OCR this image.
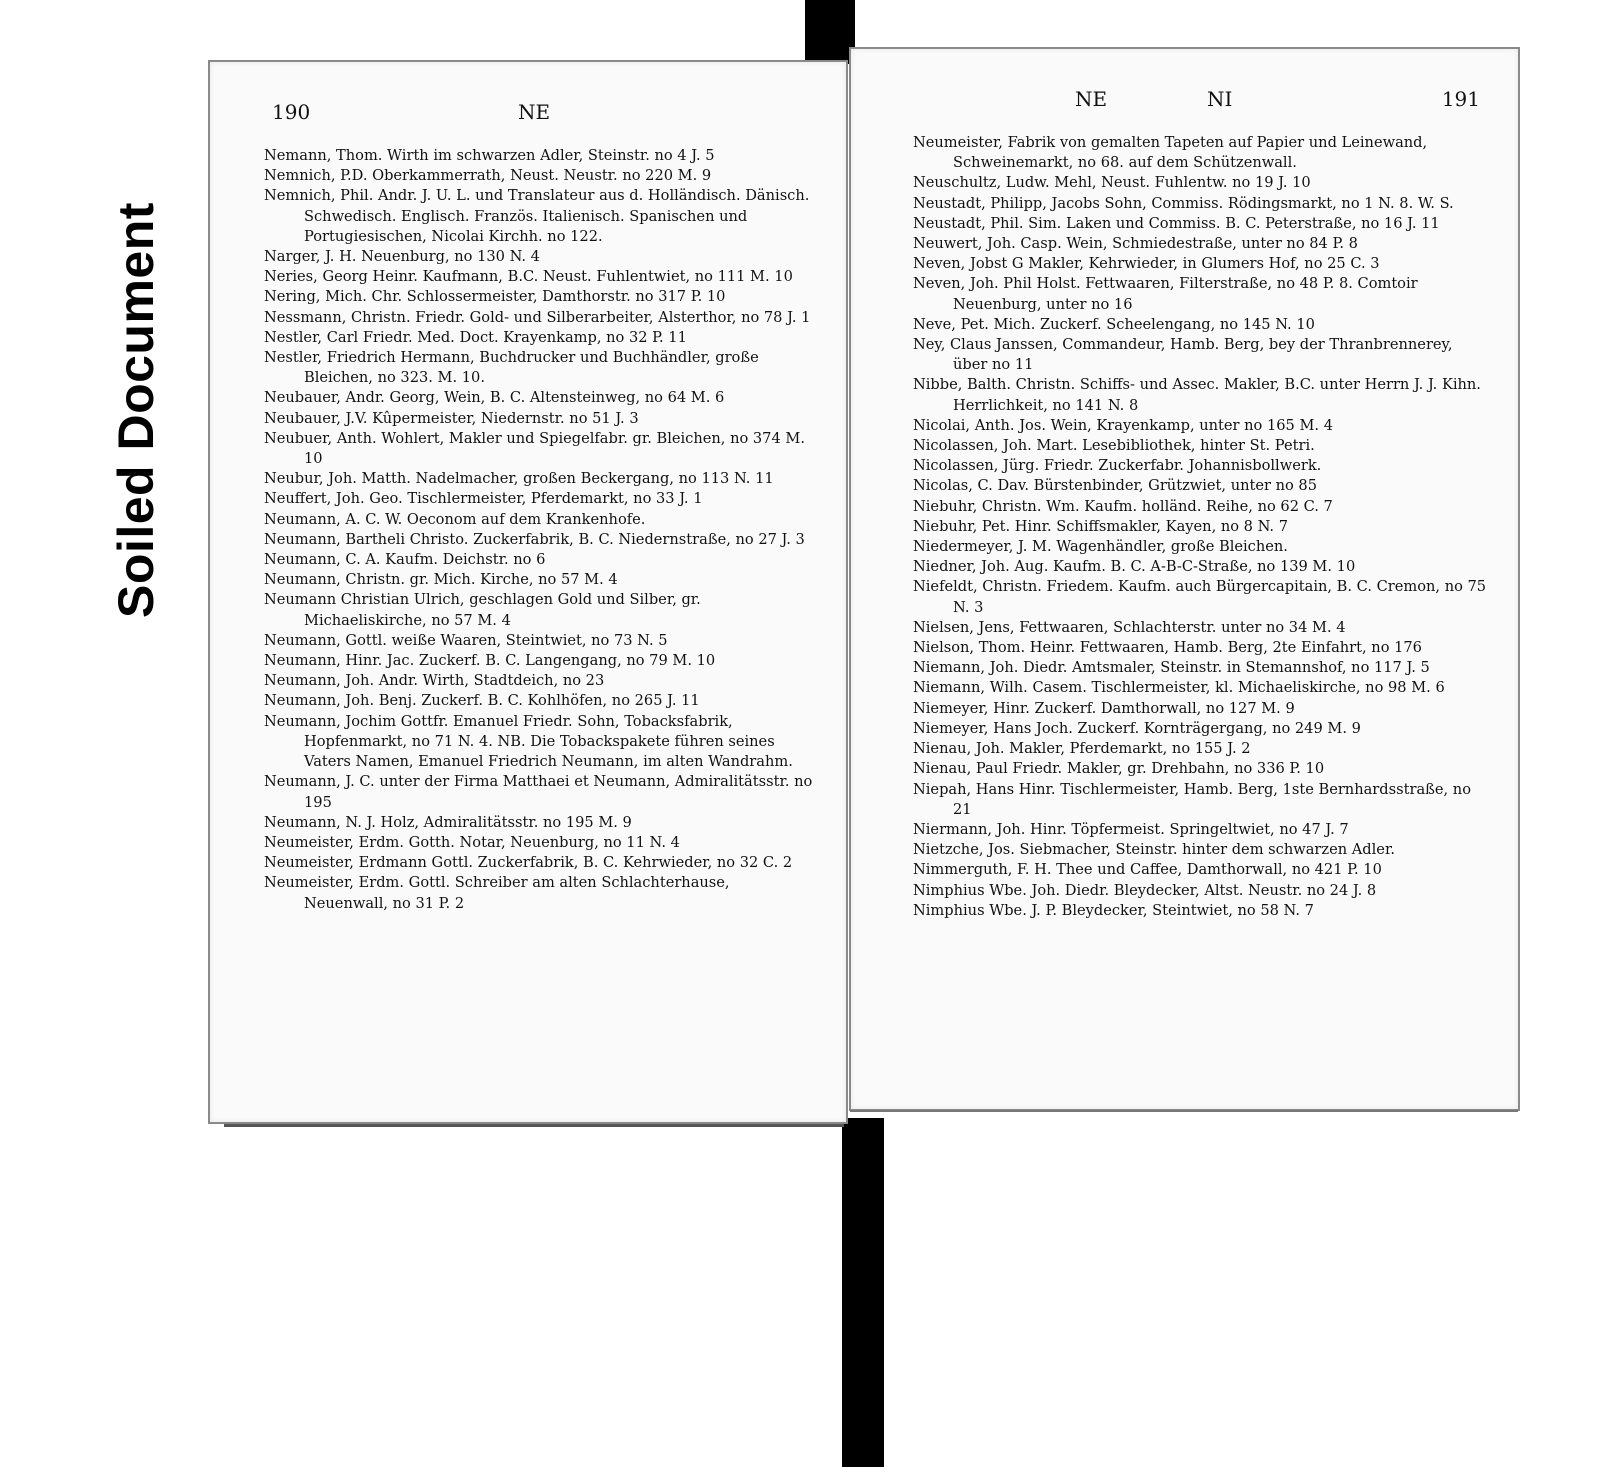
Soiled Document
190	NE
Nemann, Thom. Wirth im schwarzen Adler, Steinstr. no 4 J. 5
Nemnich, P.D. Oberkammerrath, Neust. Neustr. no 220 M. 9
Nemnich, Phil. Andr. J. U. L. und Translateur aus d. Holländisch. Dänisch. Schwedisch. Englisch. Französ. Italienisch. Spanischen und Portugiesischen, Nicolai Kirchh. no 122.
Narger, J. H. Neuenburg, no 130 N. 4
Neries, Georg Heinr. Kaufmann, B.C. Neust. Fuhlentwiet, no 111 M. 10
Nering, Mich. Chr. Schlossermeister, Damthorstr. no 317 P. 10
Nessmann, Christn. Friedr. Gold- und Silberarbeiter, Alsterthor, no 78 J. 1
Nestler, Carl Friedr. Med. Doct. Krayenkamp, no 32 P. 11
Nestler, Friedrich Hermann, Buchdrucker und Buchhändler, große Bleichen, no 323. M. 10.
Neubauer, Andr. Georg, Wein, B. C. Altensteinweg, no 64 M. 6
Neubauer, J.V. Kûpermeister, Niedernstr. no 51 J. 3
Neubuer, Anth. Wohlert, Makler und Spiegelfabr. gr. Bleichen, no 374 M. 10
Neubur, Joh. Matth. Nadelmacher, großen Beckergang, no 113 N. 11
Neuffert, Joh. Geo. Tischlermeister, Pferdemarkt, no 33 J. 1
Neumann, A. C. W. Oeconom auf dem Krankenhofe.
Neumann, Bartheli Christo. Zuckerfabrik, B. C. Niedernstraße, no 27 J. 3
Neumann, C. A. Kaufm. Deichstr. no 6
Neumann, Christn. gr. Mich. Kirche, no 57 M. 4
Neumann Christian Ulrich, geschlagen Gold und Silber, gr. Michaeliskirche, no 57 M. 4
Neumann, Gottl. weiße Waaren, Steintwiet, no 73 N. 5
Neumann, Hinr. Jac. Zuckerf. B. C. Langengang, no 79 M. 10
Neumann, Joh. Andr. Wirth, Stadtdeich, no 23
Neumann, Joh. Benj. Zuckerf. B. C. Kohlhöfen, no 265 J. 11
Neumann, Jochim Gottfr. Emanuel Friedr. Sohn, Tobacksfabrik, Hopfenmarkt, no 71 N. 4. NB. Die Tobackspakete führen seines Vaters Namen, Emanuel Friedrich Neumann, im alten Wandrahm.
Neumann, J. C. unter der Firma Matthaei et Neumann, Admiralitätsstr. no 195
Neumann, N. J. Holz, Admiralitätsstr. no 195 M. 9
Neumeister, Erdm. Gotth. Notar, Neuenburg, no 11 N. 4
Neumeister, Erdmann Gottl. Zuckerfabrik, B. C. Kehrwieder, no 32 C. 2
Neumeister, Erdm. Gottl. Schreiber am alten Schlachterhause, Neuenwall, no 31 P. 2
NE	NI	191
Neumeister, Fabrik von gemalten Tapeten auf Papier und Leinewand, Schweinemarkt, no 68. auf dem Schützenwall.
Neuschultz, Ludw. Mehl, Neust. Fuhlentw. no 19 J. 10
Neustadt, Philipp, Jacobs Sohn, Commiss. Rödingsmarkt, no 1 N. 8. W. S.
Neustadt, Phil. Sim. Laken und Commiss. B. C. Peterstraße, no 16 J. 11
Neuwert, Joh. Casp. Wein, Schmiedestraße, unter no 84 P. 8
Neven, Jobst G Makler, Kehrwieder, in Glumers Hof, no 25 C. 3
Neven, Joh. Phil Holst. Fettwaaren, Filterstraße, no 48 P. 8. Comtoir Neuenburg, unter no 16
Neve, Pet. Mich. Zuckerf. Scheelengang, no 145 N. 10
Ney, Claus Janssen, Commandeur, Hamb. Berg, bey der Thranbrennerey, über no 11
Nibbe, Balth. Christn. Schiffs- und Assec. Makler, B.C. unter Herrn J. J. Kihn. Herrlichkeit, no 141 N. 8
Nicolai, Anth. Jos. Wein, Krayenkamp, unter no 165 M. 4
Nicolassen, Joh. Mart. Lesebibliothek, hinter St. Petri.
Nicolassen, Jürg. Friedr. Zuckerfabr. Johannisbollwerk.
Nicolas, C. Dav. Bürstenbinder, Grützwiet, unter no 85
Niebuhr, Christn. Wm. Kaufm. holländ. Reihe, no 62 C. 7
Niebuhr, Pet. Hinr. Schiffsmakler, Kayen, no 8 N. 7
Niedermeyer, J. M. Wagenhändler, große Bleichen.
Niedner, Joh. Aug. Kaufm. B. C. A-B-C-Straße, no 139 M. 10
Niefeldt, Christn. Friedem. Kaufm. auch Bürgercapitain, B. C. Cremon, no 75 N. 3
Nielsen, Jens, Fettwaaren, Schlachterstr. unter no 34 M. 4
Nielson, Thom. Heinr. Fettwaaren, Hamb. Berg, 2te Einfahrt, no 176
Niemann, Joh. Diedr. Amtsmaler, Steinstr. in Stemannshof, no 117 J. 5
Niemann, Wilh. Casem. Tischlermeister, kl. Michaeliskirche, no 98 M. 6
Niemeyer, Hinr. Zuckerf. Damthorwall, no 127 M. 9
Niemeyer, Hans Joch. Zuckerf. Kornträgergang, no 249 M. 9
Nienau, Joh. Makler, Pferdemarkt, no 155 J. 2
Nienau, Paul Friedr. Makler, gr. Drehbahn, no 336 P. 10
Niepah, Hans Hinr. Tischlermeister, Hamb. Berg, 1ste Bernhardsstraße, no 21
Niermann, Joh. Hinr. Töpfermeist. Springeltwiet, no 47 J. 7
Nietzche, Jos. Siebmacher, Steinstr. hinter dem schwarzen Adler.
Nimmerguth, F. H. Thee und Caffee, Damthorwall, no 421 P. 10
Nimphius Wbe. Joh. Diedr. Bleydecker, Altst. Neustr. no 24 J. 8
Nimphius Wbe. J. P. Bleydecker, Steintwiet, no 58 N. 7
